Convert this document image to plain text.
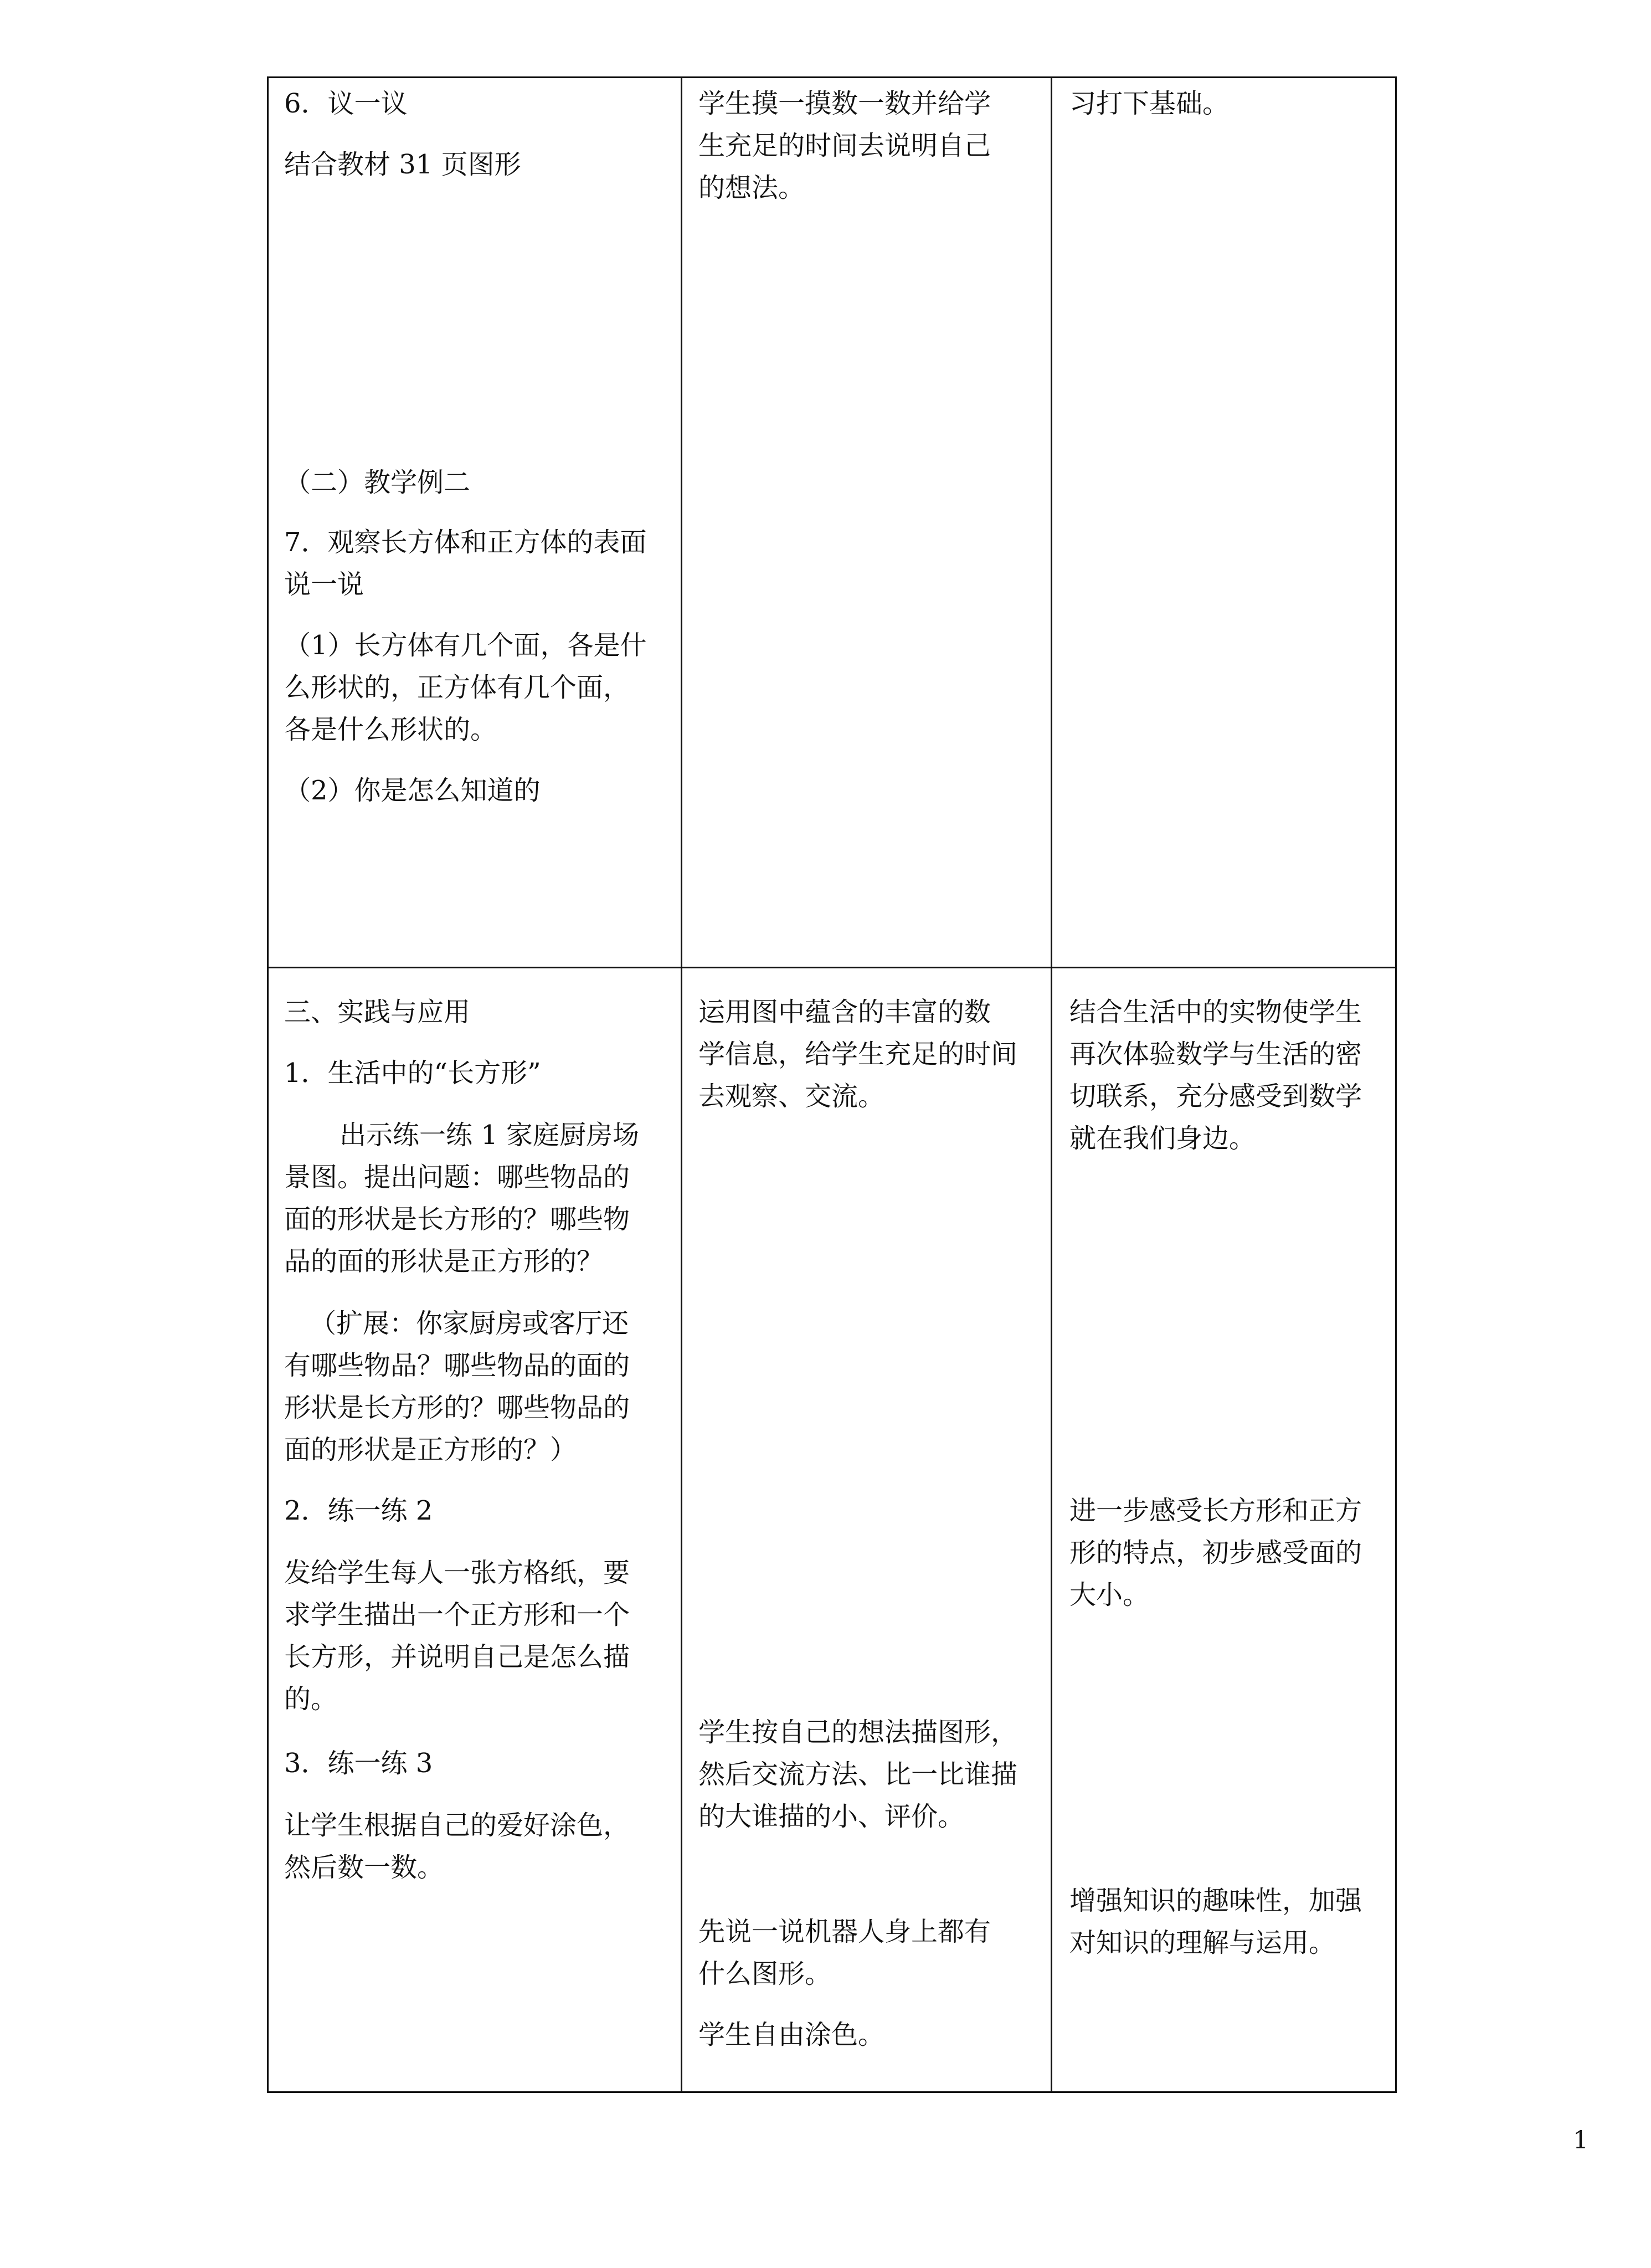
6．议一议

结合教材 31 页图形

（二）教学例二

7．观察长方体和正方体的表面

说一说

（1）长方体有几个面，各是什

么形状的，正方体有几个面，

各是什么形状的。

（2）你是怎么知道的

学生摸一摸数一数并给学

生充足的时间去说明自己

的想法。

习打下基础。

三、实践与应用

1．生活中的“长方形”

出示练一练 1 家庭厨房场

景图。提出问题：哪些物品的

面的形状是长方形的？哪些物

品的面的形状是正方形的？

（扩展：你家厨房或客厅还

有哪些物品？哪些物品的面的

形状是长方形的？哪些物品的

面的形状是正方形的？）

2．练一练 2

发给学生每人一张方格纸，要

求学生描出一个正方形和一个

长方形，并说明自己是怎么描

的。

3．练一练 3

让学生根据自己的爱好涂色，

然后数一数。

运用图中蕴含的丰富的数

学信息，给学生充足的时间

去观察、交流。

学生按自己的想法描图形，

然后交流方法、比一比谁描

的大谁描的小、评价。

先说一说机器人身上都有

什么图形。

学生自由涂色。

结合生活中的实物使学生

再次体验数学与生活的密

切联系，充分感受到数学

就在我们身边。

进一步感受长方形和正方

形的特点，初步感受面的

大小。

增强知识的趣味性，加强

对知识的理解与运用。

1
